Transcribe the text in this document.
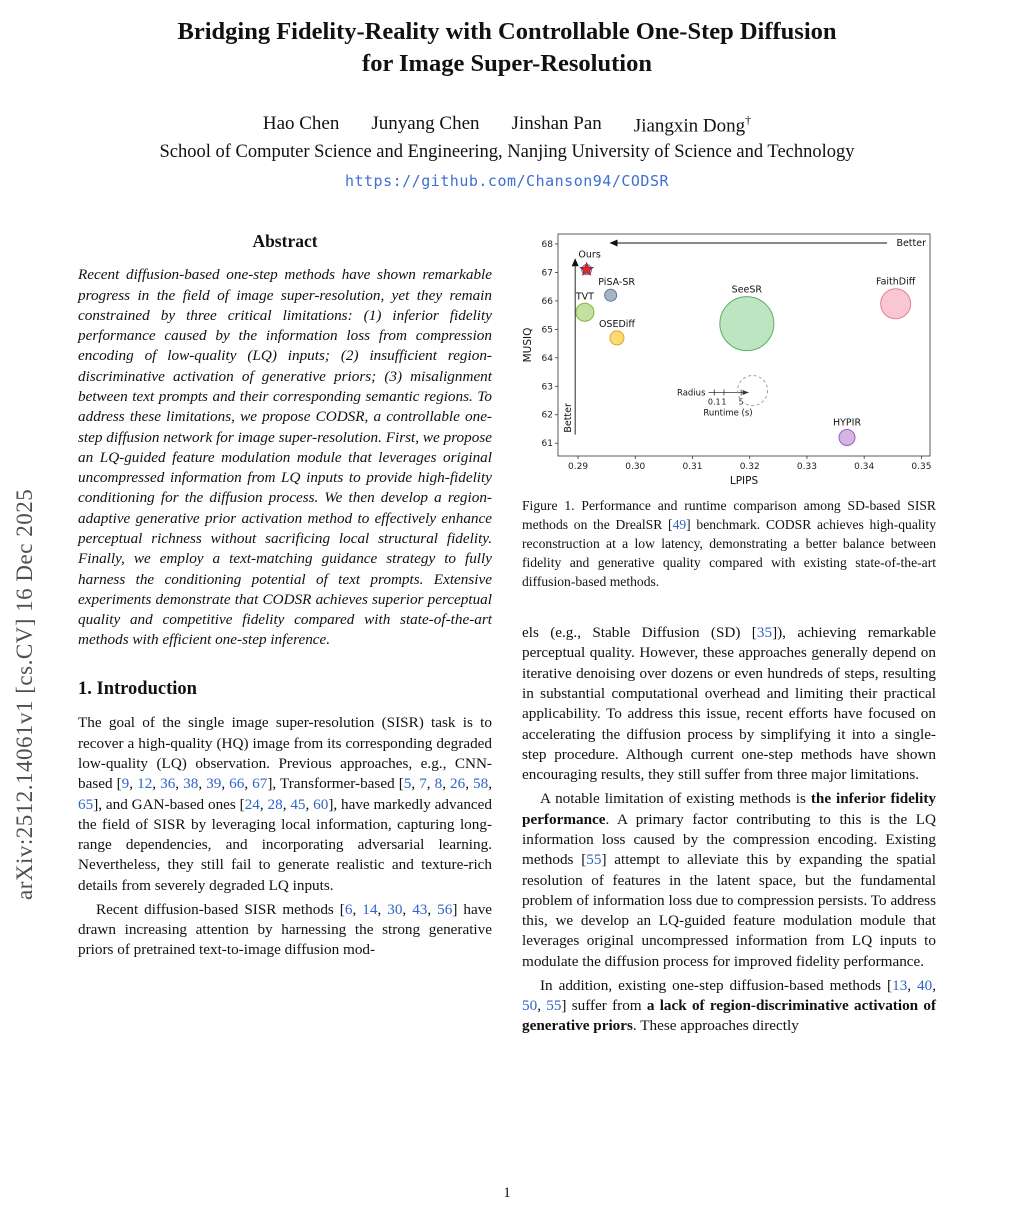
arXiv:2512.14061v1 [cs.CV] 16 Dec 2025
Bridging Fidelity-Reality with Controllable One-Step Diffusion
for Image Super-Resolution
Hao Chen Junyang Chen Jinshan Pan Jiangxin Dong†
School of Computer Science and Engineering, Nanjing University of Science and Technology
https://github.com/Chanson94/CODSR
Abstract

Recent diffusion-based one-step methods have shown remarkable progress in the field of image super-resolution, yet they remain constrained by three critical limitations: (1) inferior fidelity performance caused by the information loss from compression encoding of low-quality (LQ) inputs; (2) insufficient region-discriminative activation of generative priors; (3) misalignment between text prompts and their corresponding semantic regions. To address these limitations, we propose CODSR, a controllable one-step diffusion network for image super-resolution. First, we propose an LQ-guided feature modulation module that leverages original uncompressed information from LQ inputs to provide high-fidelity conditioning for the diffusion process. We then develop a region-adaptive generative prior activation method to effectively enhance perceptual richness without sacrificing local structural fidelity. Finally, we employ a text-matching guidance strategy to fully harness the conditioning potential of text prompts. Extensive experiments demonstrate that CODSR achieves superior perceptual quality and competitive fidelity compared with state-of-the-art methods with efficient one-step inference.

1. Introduction

The goal of the single image super-resolution (SISR) task is to recover a high-quality (HQ) image from its corresponding degraded low-quality (LQ) observation. Previous approaches, e.g., CNN-based [9, 12, 36, 38, 39, 66, 67], Transformer-based [5, 7, 8, 26, 58, 65], and GAN-based ones [24, 28, 45, 60], have markedly advanced the field of SISR by leveraging local information, capturing long-range dependencies, and incorporating adversarial learning. Nevertheless, they still fail to generate realistic and texture-rich details from severely degraded LQ inputs.

Recent diffusion-based SISR methods [6, 14, 30, 43, 56] have drawn increasing attention by harnessing the strong generative priors of pretrained text-to-image diffusion mod-

0.29	0.30	0.31	0.32	0.33	0.34	0.35
61
62
63
64
65
66
67
68
LPIPS
MUSIQ
Better
Better
Radius
0.1 1 5
Runtime (s)
Ours
TVT
PiSA-SR
OSEDiff
SeeSR
FaithDiff
HYPIR

Figure 1. Performance and runtime comparison among SD-based SISR methods on the DrealSR [49] benchmark. CODSR achieves high-quality reconstruction at a low latency, demonstrating a better balance between fidelity and generative quality compared with existing state-of-the-art diffusion-based methods.

els (e.g., Stable Diffusion (SD) [35]), achieving remarkable perceptual quality. However, these approaches generally depend on iterative denoising over dozens or even hundreds of steps, resulting in substantial computational overhead and limiting their practical applicability. To address this issue, recent efforts have focused on accelerating the diffusion process by simplifying it into a single-step procedure. Although current one-step methods have shown encouraging results, they still suffer from three major limitations.

A notable limitation of existing methods is the inferior fidelity performance. A primary factor contributing to this is the LQ information loss caused by the compression encoding. Existing methods [55] attempt to alleviate this by expanding the spatial resolution of features in the latent space, but the fundamental problem of information loss due to compression persists. To address this, we develop an LQ-guided feature modulation module that leverages original uncompressed information from LQ inputs to modulate the diffusion process for improved fidelity performance.

In addition, existing one-step diffusion-based methods [13, 40, 50, 55] suffer from a lack of region-discriminative activation of generative priors. These approaches directly

1
